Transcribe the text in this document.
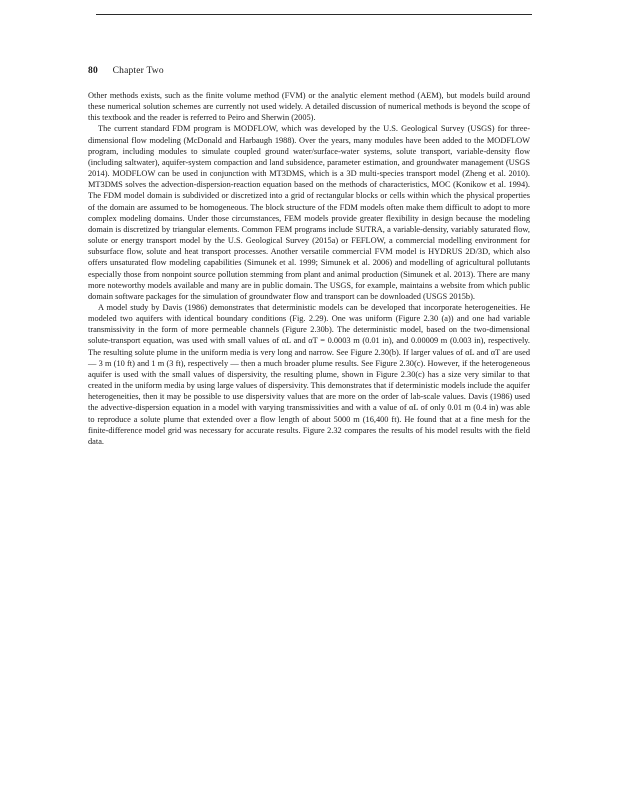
80 Chapter Two

Other methods exists, such as the finite volume method (FVM) or the analytic element method (AEM), but models build around these numerical solution schemes are currently not used widely. A detailed discussion of numerical methods is beyond the scope of this textbook and the reader is referred to Peiro and Sherwin (2005).

The current standard FDM program is MODFLOW, which was developed by the U.S. Geological Survey (USGS) for three-dimensional flow modeling (McDonald and Harbaugh 1988). Over the years, many modules have been added to the MODFLOW program, including modules to simulate coupled ground water/surface-water systems, solute transport, variable-density flow (including saltwater), aquifer-system compaction and land subsidence, parameter estimation, and groundwater management (USGS 2014). MODFLOW can be used in conjunction with MT3DMS, which is a 3D multi-species transport model (Zheng et al. 2010). MT3DMS solves the advection-dispersion-reaction equation based on the methods of characteristics, MOC (Konikow et al. 1994). The FDM model domain is subdivided or discretized into a grid of rectangular blocks or cells within which the physical properties of the domain are assumed to be homogeneous. The block structure of the FDM models often make them difficult to adopt to more complex modeling domains. Under those circumstances, FEM models provide greater flexibility in design because the modeling domain is discretized by triangular elements. Common FEM programs include SUTRA, a variable-density, variably saturated flow, solute or energy transport model by the U.S. Geological Survey (2015a) or FEFLOW, a commercial modelling environment for subsurface flow, solute and heat transport processes. Another versatile commercial FVM model is HYDRUS 2D/3D, which also offers unsaturated flow modeling capabilities (Simunek et al. 1999; Simunek et al. 2006) and modelling of agricultural pollutants especially those from nonpoint source pollution stemming from plant and animal production (Simunek et al. 2013). There are many more noteworthy models available and many are in public domain. The USGS, for example, maintains a website from which public domain software packages for the simulation of groundwater flow and transport can be downloaded (USGS 2015b).

A model study by Davis (1986) demonstrates that deterministic models can be developed that incorporate heterogeneities. He modeled two aquifers with identical boundary conditions (Fig. 2.29). One was uniform (Figure 2.30 (a)) and one had variable transmissivity in the form of more permeable channels (Figure 2.30b). The deterministic model, based on the two-dimensional solute-transport equation, was used with small values of αL and αT = 0.0003 m (0.01 in), and 0.00009 m (0.003 in), respectively. The resulting solute plume in the uniform media is very long and narrow. See Figure 2.30(b). If larger values of αL and αT are used — 3 m (10 ft) and 1 m (3 ft), respectively — then a much broader plume results. See Figure 2.30(c). However, if the heterogeneous aquifer is used with the small values of dispersivity, the resulting plume, shown in Figure 2.30(c) has a size very similar to that created in the uniform media by using large values of dispersivity. This demonstrates that if deterministic models include the aquifer heterogeneities, then it may be possible to use dispersivity values that are more on the order of lab-scale values. Davis (1986) used the advective-dispersion equation in a model with varying transmissivities and with a value of αL of only 0.01 m (0.4 in) was able to reproduce a solute plume that extended over a flow length of about 5000 m (16,400 ft). He found that at a fine mesh for the finite-difference model grid was necessary for accurate results. Figure 2.32 compares the results of his model results with the field data.
